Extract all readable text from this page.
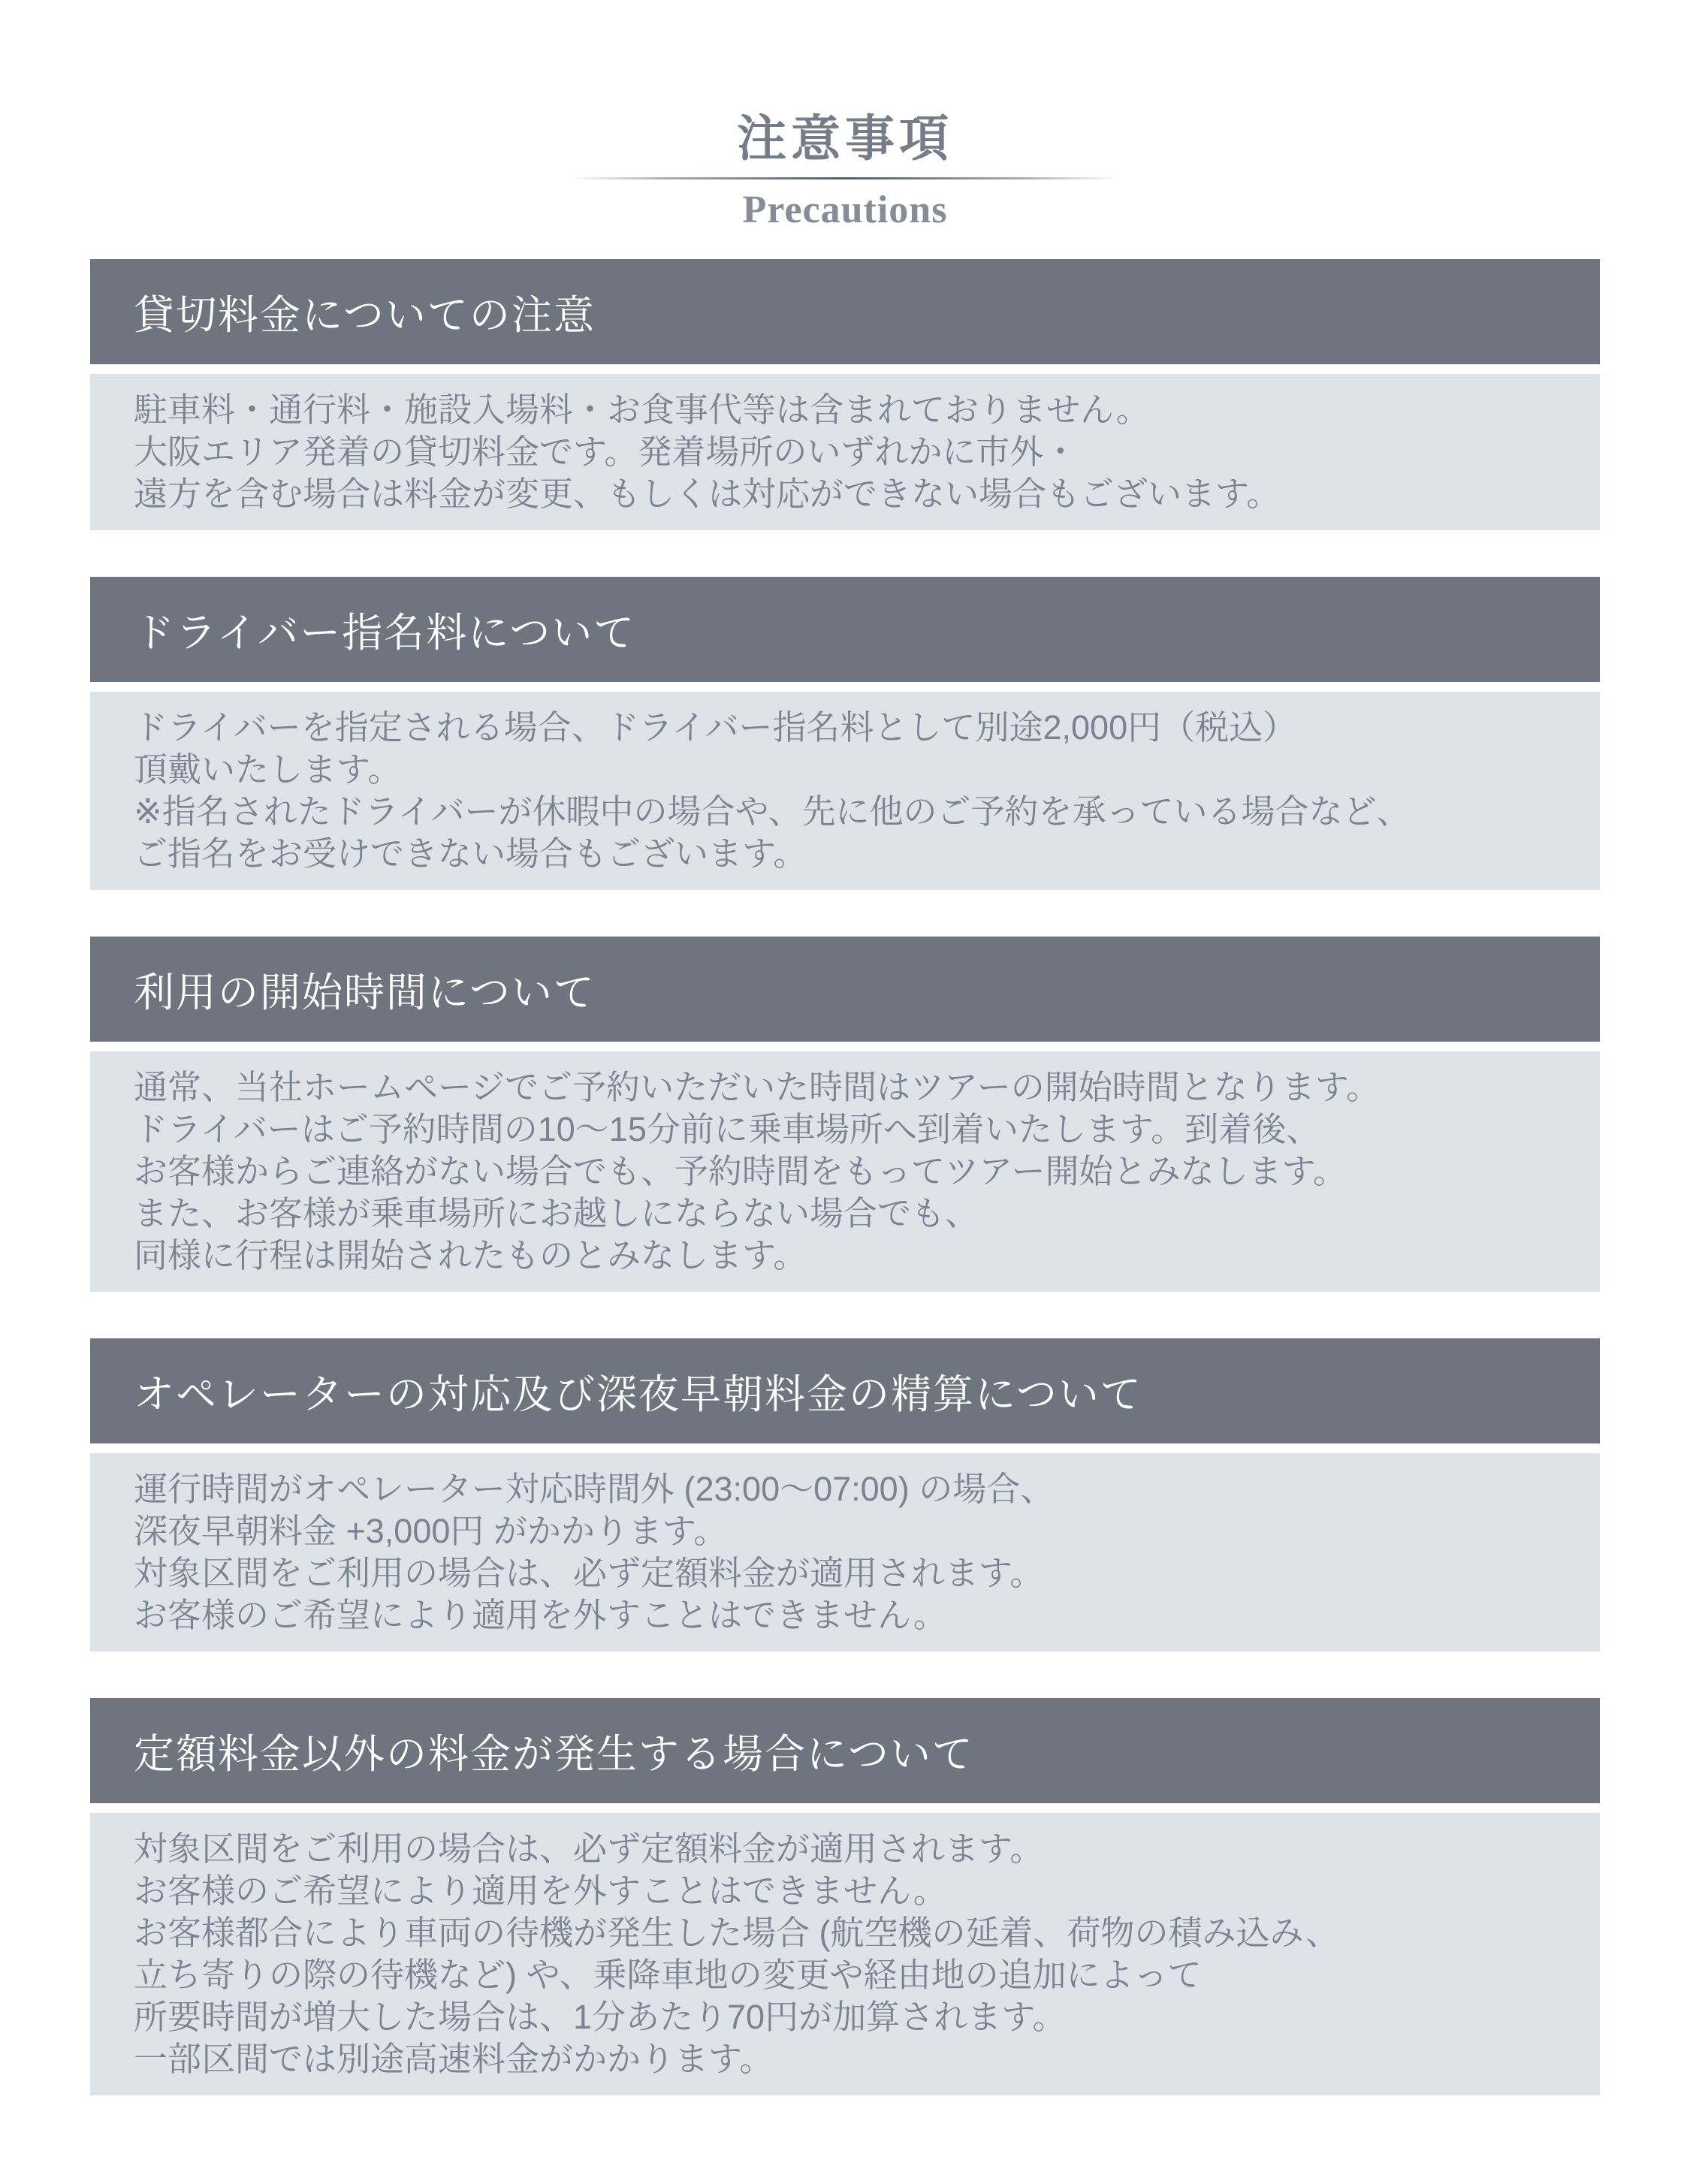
注意事項
Precautions
貸切料金についての注意
駐車料・通行料・施設入場料・お食事代等は含まれておりません。
大阪エリア発着の貸切料金です。発着場所のいずれかに市外・
遠方を含む場合は料金が変更、もしくは対応ができない場合もございます。
ドライバー指名料について
ドライバーを指定される場合、ドライバー指名料として別途2,000円（税込）
頂戴いたします。
※指名されたドライバーが休暇中の場合や、先に他のご予約を承っている場合など、
ご指名をお受けできない場合もございます。
利用の開始時間について
通常、当社ホームページでご予約いただいた時間はツアーの開始時間となります。
ドライバーはご予約時間の10〜15分前に乗車場所へ到着いたします。到着後、
お客様からご連絡がない場合でも、予約時間をもってツアー開始とみなします。
また、お客様が乗車場所にお越しにならない場合でも、
同様に行程は開始されたものとみなします。
オペレーターの対応及び深夜早朝料金の精算について
運行時間がオペレーター対応時間外 (23:00〜07:00) の場合、
深夜早朝料金 +3,000円 がかかります。
対象区間をご利用の場合は、必ず定額料金が適用されます。
お客様のご希望により適用を外すことはできません。
定額料金以外の料金が発生する場合について
対象区間をご利用の場合は、必ず定額料金が適用されます。
お客様のご希望により適用を外すことはできません。
お客様都合により車両の待機が発生した場合 (航空機の延着、荷物の積み込み、
立ち寄りの際の待機など) や、乗降車地の変更や経由地の追加によって
所要時間が増大した場合は、1分あたり70円が加算されます。
一部区間では別途高速料金がかかります。
